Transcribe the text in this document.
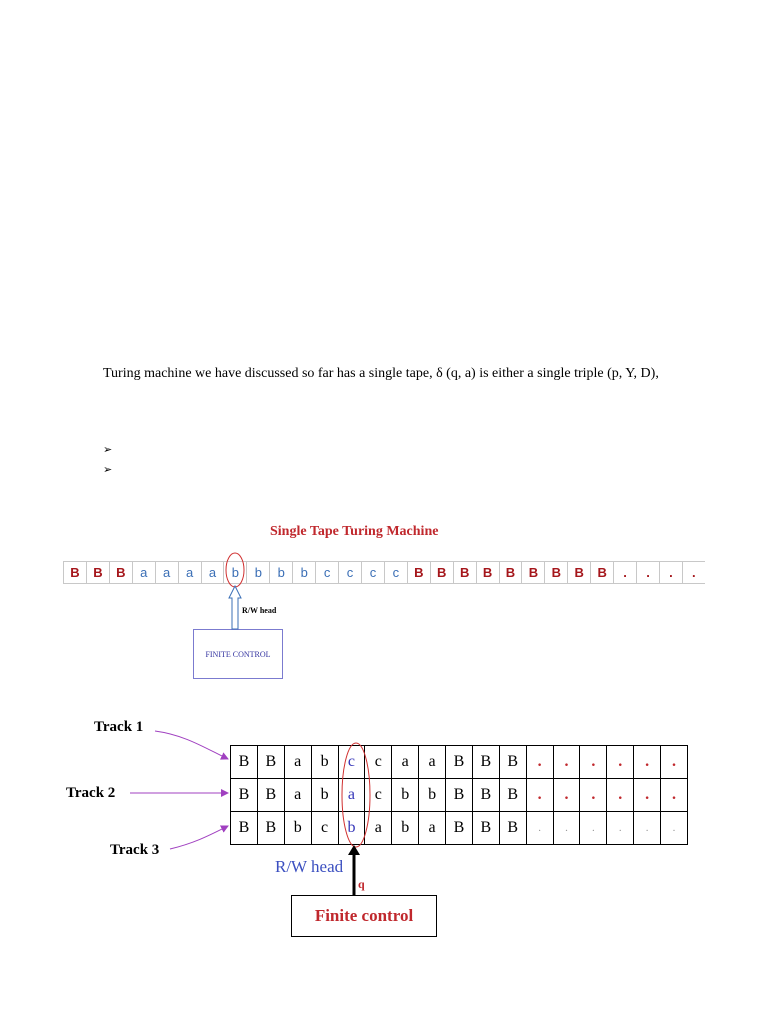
Turing machine we have discussed so far has a single tape, δ (q, a) is either a single triple (p, Y, D),
➢
➢
Single Tape Turing Machine
B	B	B	a	a	a	a	b	b	b	b	c	c	c	c	B	B	B	B	B	B	B	B	B	.	.	.	.
R/W head
FINITE CONTROL
B	B	a	b	c	c	a	a	B	B	B	.	.	.	.	.	.
B	B	a	b	a	c	b	b	B	B	B	.	.	.	.	.	.
B	B	b	c	b	a	b	a	B	B	B	.	.	.	.	.	.
Track 1
Track 2
Track 3
R/W head
q
Finite control
